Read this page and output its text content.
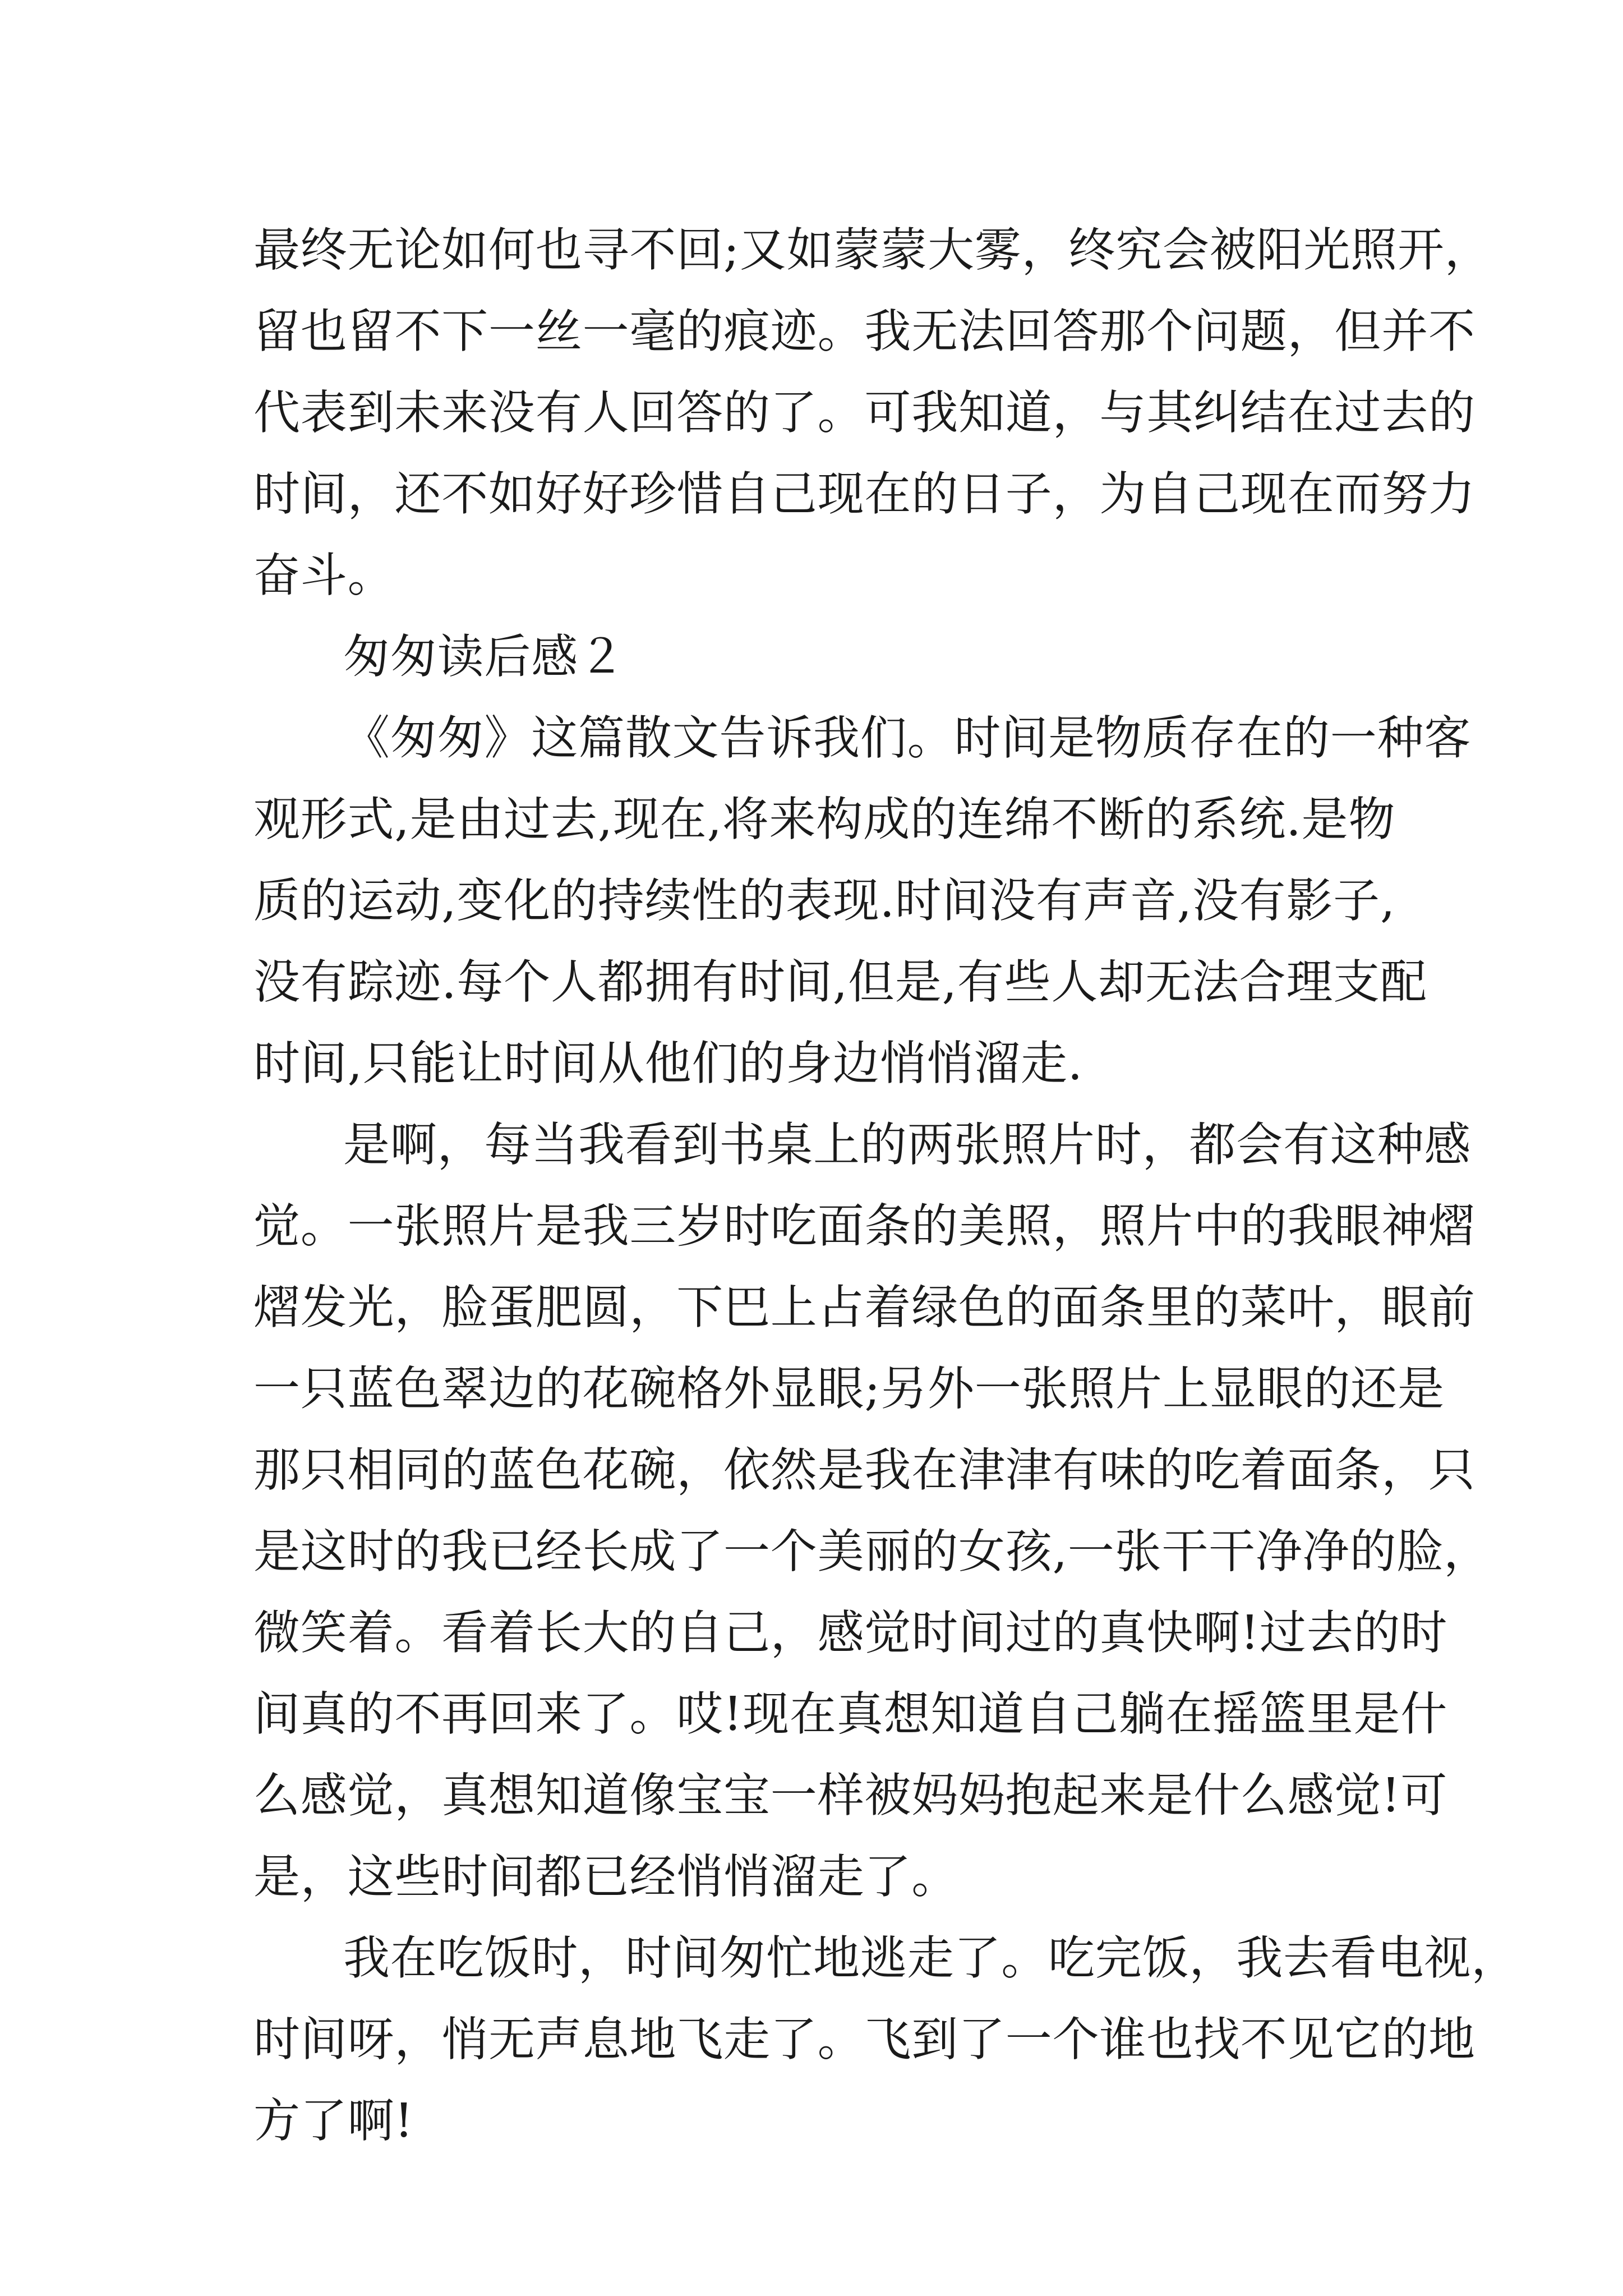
最终无论如何也寻不回;又如蒙蒙大雾，终究会被阳光照开，
留也留不下一丝一毫的痕迹。我无法回答那个问题，但并不
代表到未来没有人回答的了。可我知道，与其纠结在过去的
时间，还不如好好珍惜自己现在的日子，为自己现在而努力
奋斗。
匆匆读后感２
《匆匆》这篇散文告诉我们。时间是物质存在的一种客
观形式,是由过去,现在,将来构成的连绵不断的系统.是物
质的运动,变化的持续性的表现.时间没有声音,没有影子,
没有踪迹.每个人都拥有时间,但是,有些人却无法合理支配
时间,只能让时间从他们的身边悄悄溜走.
是啊，每当我看到书桌上的两张照片时，都会有这种感
觉。一张照片是我三岁时吃面条的美照，照片中的我眼神熠
熠发光，脸蛋肥圆，下巴上占着绿色的面条里的菜叶，眼前
一只蓝色翠边的花碗格外显眼;另外一张照片上显眼的还是
那只相同的蓝色花碗，依然是我在津津有味的吃着面条，只
是这时的我已经长成了一个美丽的女孩,一张干干净净的脸，
微笑着。看着长大的自己，感觉时间过的真快啊!过去的时
间真的不再回来了。哎!现在真想知道自己躺在摇篮里是什
么感觉，真想知道像宝宝一样被妈妈抱起来是什么感觉!可
是，这些时间都已经悄悄溜走了。
我在吃饭时，时间匆忙地逃走了。吃完饭，我去看电视，
时间呀，悄无声息地飞走了。飞到了一个谁也找不见它的地
方了啊!
